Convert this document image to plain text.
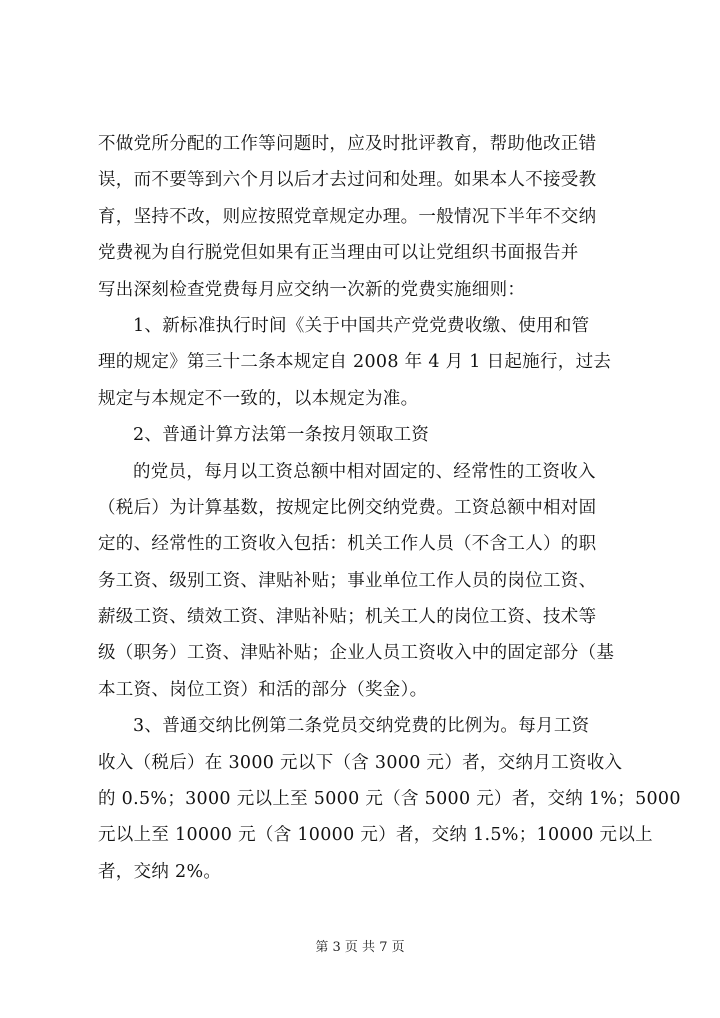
不做党所分配的工作等问题时，应及时批评教育，帮助他改正错
误，而不要等到六个月以后才去过问和处理。如果本人不接受教
育，坚持不改，则应按照党章规定办理。一般情况下半年不交纳
党费视为自行脱党但如果有正当理由可以让党组织书面报告并
写出深刻检查党费每月应交纳一次新的党费实施细则：
1、新标准执行时间《关于中国共产党党费收缴、使用和管
理的规定》第三十二条本规定自 2008 年 4 月 1 日起施行，过去
规定与本规定不一致的，以本规定为准。
2、普通计算方法第一条按月领取工资
的党员，每月以工资总额中相对固定的、经常性的工资收入
（税后）为计算基数，按规定比例交纳党费。工资总额中相对固
定的、经常性的工资收入包括：机关工作人员（不含工人）的职
务工资、级别工资、津贴补贴；事业单位工作人员的岗位工资、
薪级工资、绩效工资、津贴补贴；机关工人的岗位工资、技术等
级（职务）工资、津贴补贴；企业人员工资收入中的固定部分（基
本工资、岗位工资）和活的部分（奖金）。
3、普通交纳比例第二条党员交纳党费的比例为。每月工资
收入（税后）在 3000 元以下（含 3000 元）者，交纳月工资收入
的 0.5%；3000 元以上至 5000 元（含 5000 元）者，交纳 1%；5000
元以上至 10000 元（含 10000 元）者，交纳 1.5%；10000 元以上
者，交纳 2%。
第 3 页 共 7 页
